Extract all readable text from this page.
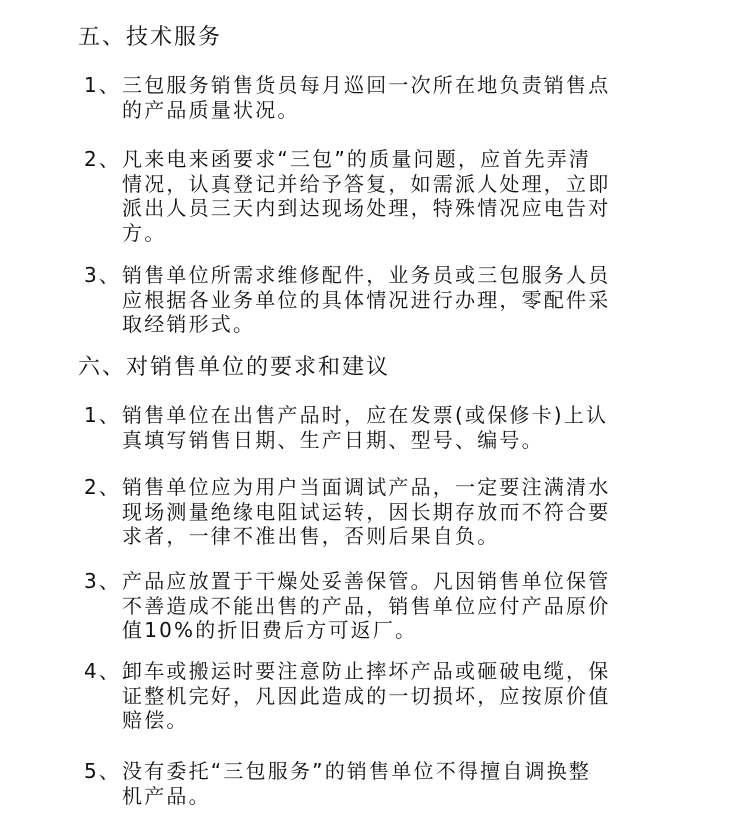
五、技术服务
1、 三包服务销售货员每月巡回一次所在地负责销售点
的产品质量状况。
2、 凡来电来函要求“三包”的质量问题，应首先弄清
情况，认真登记并给予答复，如需派人处理，立即
派出人员三天内到达现场处理，特殊情况应电告对
方。
3、 销售单位所需求维修配件，业务员或三包服务人员
应根据各业务单位的具体情况进行办理，零配件采
取经销形式。
六、对销售单位的要求和建议
1、 销售单位在出售产品时，应在发票(或保修卡)上认
真填写销售日期、生产日期、型号、编号。
2、 销售单位应为用户当面调试产品，一定要注满清水
现场测量绝缘电阻试运转，因长期存放而不符合要
求者，一律不准出售，否则后果自负。
3、 产品应放置于干燥处妥善保管。凡因销售单位保管
不善造成不能出售的产品，销售单位应付产品原价
值10%的折旧费后方可返厂。
4、 卸车或搬运时要注意防止摔坏产品或砸破电缆，保
证整机完好，凡因此造成的一切损坏，应按原价值
赔偿。
5、 没有委托“三包服务”的销售单位不得擅自调换整
机产品。
